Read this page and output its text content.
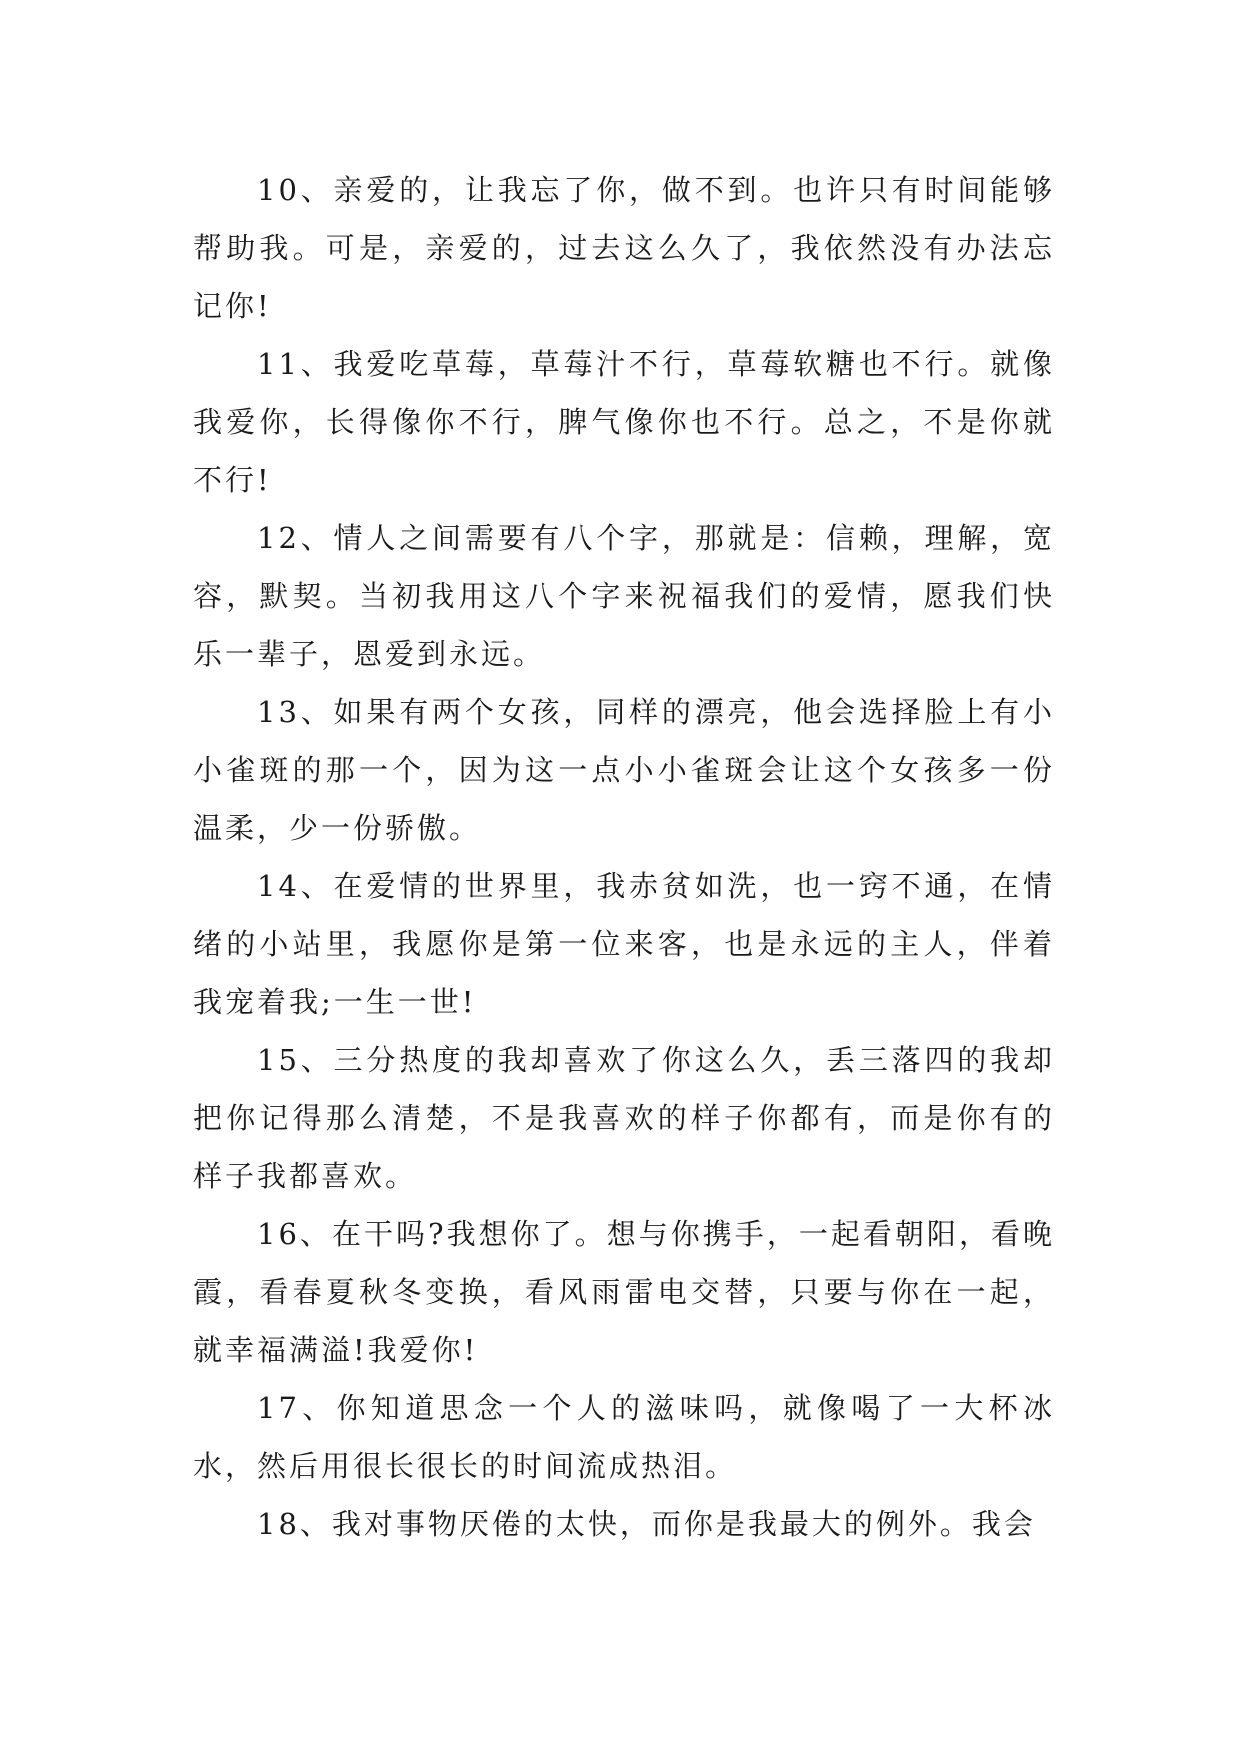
10、亲爱的，让我忘了你，做不到。也许只有时间能够帮助我。可是，亲爱的，过去这么久了，我依然没有办法忘记你!

11、我爱吃草莓，草莓汁不行，草莓软糖也不行。就像我爱你，长得像你不行，脾气像你也不行。总之，不是你就不行!

12、情人之间需要有八个字，那就是：信赖，理解，宽容，默契。当初我用这八个字来祝福我们的爱情，愿我们快乐一辈子，恩爱到永远。

13、如果有两个女孩，同样的漂亮，他会选择脸上有小小雀斑的那一个，因为这一点小小雀斑会让这个女孩多一份温柔，少一份骄傲。

14、在爱情的世界里，我赤贫如洗，也一窍不通，在情绪的小站里，我愿你是第一位来客，也是永远的主人，伴着我宠着我;一生一世!

15、三分热度的我却喜欢了你这么久，丢三落四的我却把你记得那么清楚，不是我喜欢的样子你都有，而是你有的样子我都喜欢。

16、在干吗?我想你了。想与你携手，一起看朝阳，看晚霞，看春夏秋冬变换，看风雨雷电交替，只要与你在一起，就幸福满溢!我爱你!

17、你知道思念一个人的滋味吗，就像喝了一大杯冰水，然后用很长很长的时间流成热泪。

18、我对事物厌倦的太快，而你是我最大的例外。我会
